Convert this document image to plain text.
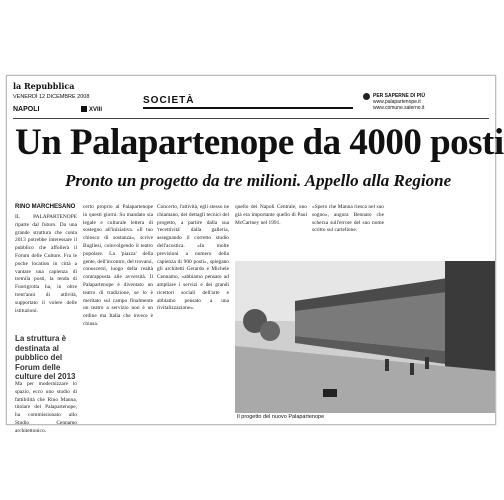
la Repubblica
VENERDÌ 12 DICEMBRE 2008
NAPOLI	XVIII
SOCIETÀ	PER SAPERNE DI PIÙ
www.palapartenope.it
www.comune.salerno.it
Un Palapartenope da 4000 posti
Pronto un progetto da tre milioni. Appello alla Regione
RINO MARCHESANO
IL PALAPARTENOPE riparte dal futuro. Da una grande struttura che conta 2013 potrebbe interessare il pubblico che affollerà il Forum delle Culture. Fra le poche location in città a vantare una capienza di tremila posti, la tenda di Fuorigrotta ha, in oltre trent'anni di attività, supportato il volere delle istituzioni.
La struttura è destinata al pubblico del Forum delle culture del 2013
Ma per modernizzare lo spazio, ecco uno studio di fattibilità che Rino Manna, titolare del Palapartenope, ha commissionato allo Studio Cennamo architettonico.
certo proprio al Palapartenope in questi giorni. Su mandato sia legale e culturale lettera di sostegno all'iniziativa. «Il tuo chiosco di sostanza», scrive Bugliesi, coinvolgendo il teatro popolare. La 'piazza' della gente, dell'incontro, del trovarsi, conoscersi, luogo della realtà contrapposta alle avversità. Il Palapartenope è diventato un teatro di tradizione, se lo è meritato sul campo finalmente un teatro a servizio non è un ordine ma Italia che invece è chiusa.
Concerto, l'attività, egli stesso ne chiamano, dei dettagli tecnici del progetto, a partire dalla sua 'recettività' dalla galleria, assegnando il corretto studio dell'acustica. «In molte previsioni a numero della capienza di 900 posti», spiegano gli architetti Gerardo e Michele Cennamo, «abbiamo pensato ad ampliare i servizi e dei grandi ricettori sociali dell'arte e abbiamo pensato a una rivitalizzazione».
quello dei Napoli Centrale, uno già era importante quello di Paul McCartney nel 1991.
«Spero che Manna riesca nel suo sogno», augura Bennato che scherza sull'errore del suo nome scritto sul cartellone.
Il progetto del nuovo Palapartenope
